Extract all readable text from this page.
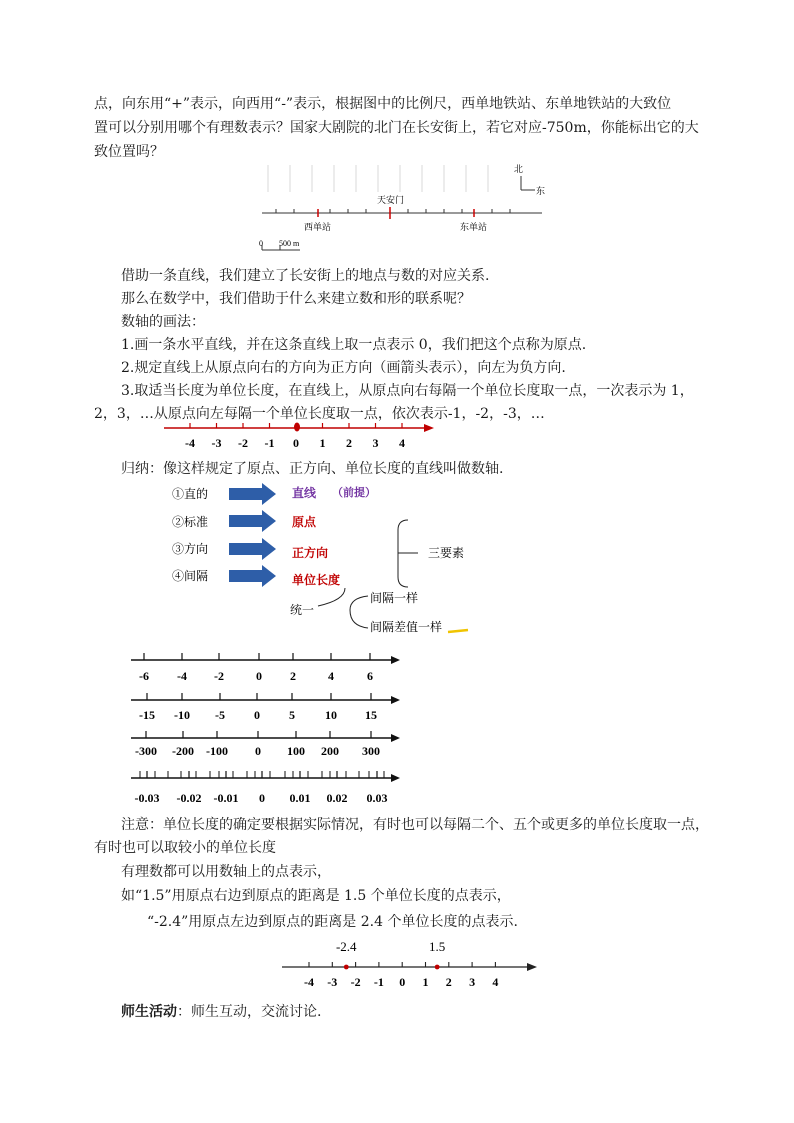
点，向东用“+”表示，向西用“-”表示，根据图中的比例尺，西单地铁站、东单地铁站的大致位
置可以分别用哪个有理数表示？国家大剧院的北门在长安街上，若它对应-750m，你能标出它的大
致位置吗？
北
东
天安门
西单站	东单站
0 500 m
借助一条直线，我们建立了长安街上的地点与数的对应关系.
那么在数学中，我们借助于什么来建立数和形的联系呢？
数轴的画法：
1.画一条水平直线，并在这条直线上取一点表示 0，我们把这个点称为原点.
2.规定直线上从原点向右的方向为正方向（画箭头表示），向左为负方向.
3.取适当长度为单位长度，在直线上，从原点向右每隔一个单位长度取一点，一次表示为 1，
2，3，…从原点向左每隔一个单位长度取一点，依次表示-1，-2，-3，…
-4 -3 -2 -1 0 1 2 3 4
归纳：像这样规定了原点、正方向、单位长度的直线叫做数轴.
①直的
②标准
③方向
④间隔
直线 （前提）
原点
正方向
单位长度
三要素
统一
间隔一样
间隔差值一样
-6 -4 -2	0 2	4	6
-15 -10 -5 0 5	10 15
-300 -200 -100 0 100 200 300
-0.03 -0.02 -0.01 0 0.01 0.02 0.03
注意：单位长度的确定要根据实际情况，有时也可以每隔二个、五个或更多的单位长度取一点，
有时也可以取较小的单位长度
有理数都可以用数轴上的点表示，
如“1.5”用原点右边到原点的距离是 1.5 个单位长度的点表示，
“-2.4”用原点左边到原点的距离是 2.4 个单位长度的点表示.
-4 -3 -2 -1 0 1 2 3 4
-2.4	1.5
师生活动：师生互动，交流讨论.
